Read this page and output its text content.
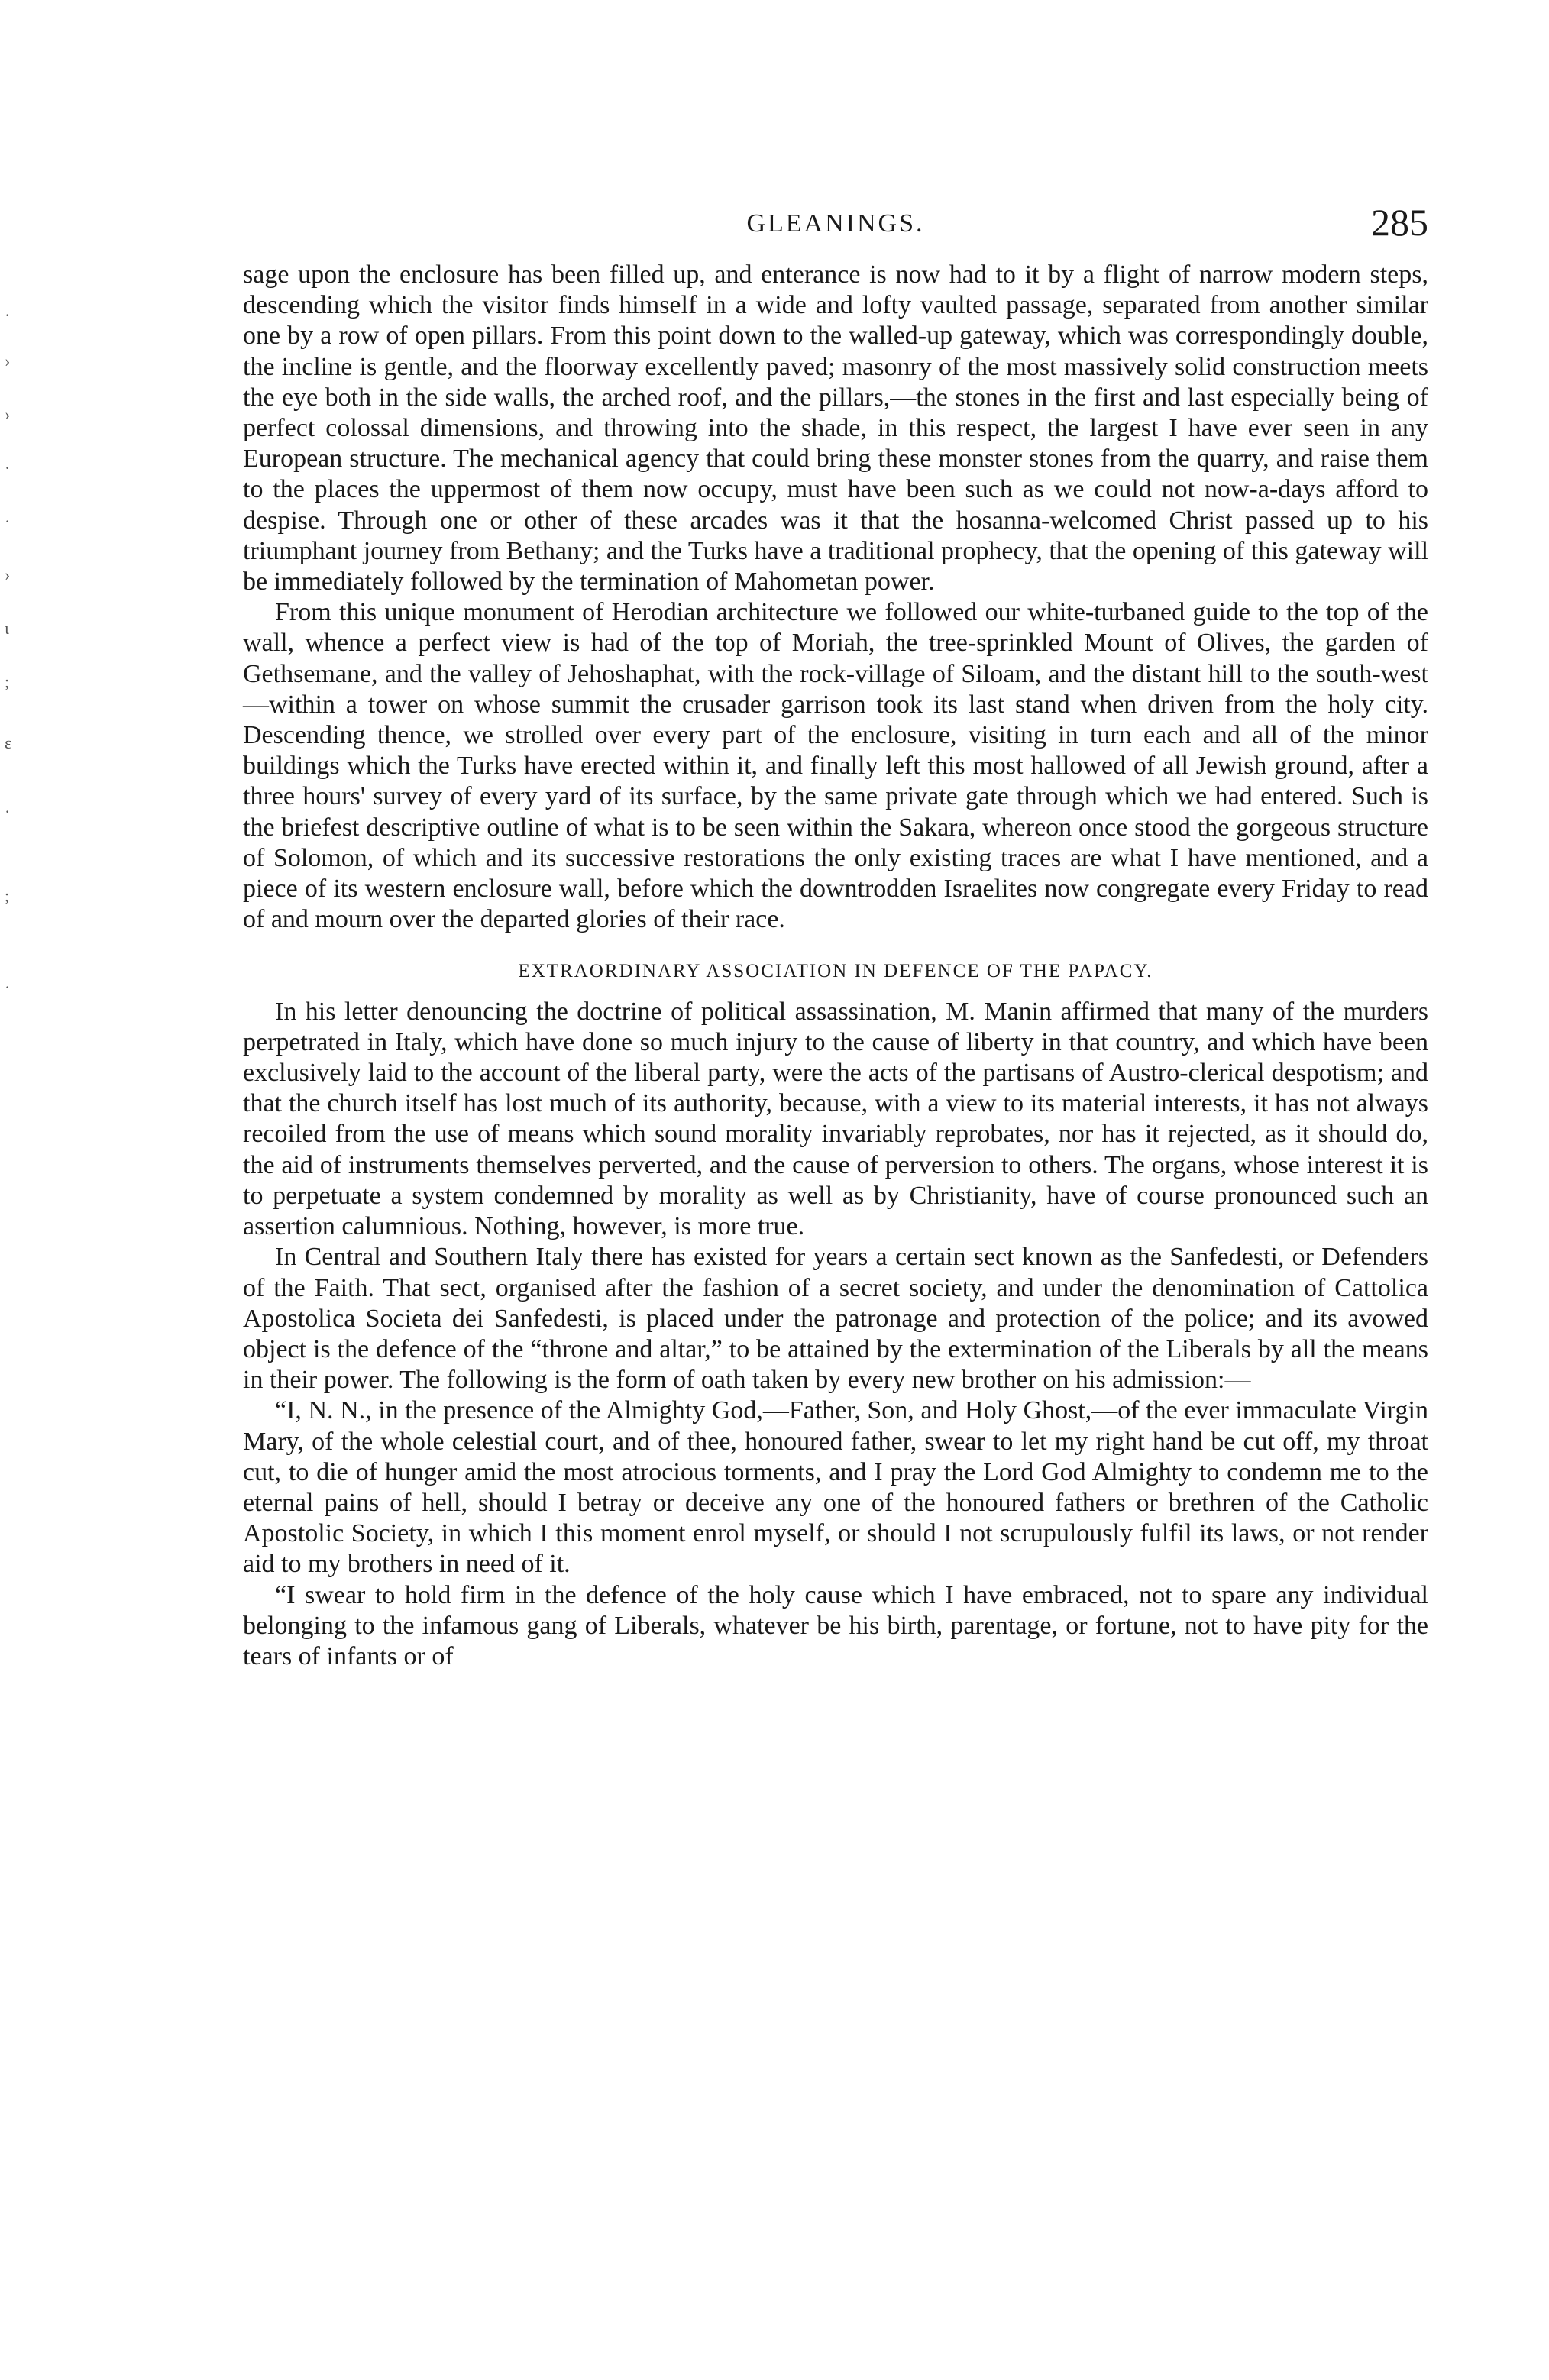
·
›
›
·
·
›
ι
;
ɛ
·
;
·
GLEANINGS.	285

sage upon the enclosure has been filled up, and enterance is now had to it by a flight of narrow modern steps, descending which the visitor finds himself in a wide and lofty vaulted passage, separated from another similar one by a row of open pillars. From this point down to the walled-up gateway, which was correspondingly double, the incline is gentle, and the floorway excellently paved; masonry of the most massively solid construction meets the eye both in the side walls, the arched roof, and the pillars,—the stones in the first and last especially being of perfect colossal dimensions, and throwing into the shade, in this respect, the largest I have ever seen in any European structure. The mechanical agency that could bring these monster stones from the quarry, and raise them to the places the uppermost of them now occupy, must have been such as we could not now-a-days afford to despise. Through one or other of these arcades was it that the hosanna-welcomed Christ passed up to his triumphant journey from Bethany; and the Turks have a traditional prophecy, that the opening of this gateway will be immediately followed by the termination of Mahometan power.

From this unique monument of Herodian architecture we followed our white-turbaned guide to the top of the wall, whence a perfect view is had of the top of Moriah, the tree-sprinkled Mount of Olives, the garden of Gethsemane, and the valley of Jehoshaphat, with the rock-village of Siloam, and the distant hill to the south-west—within a tower on whose summit the crusader garrison took its last stand when driven from the holy city. Descending thence, we strolled over every part of the enclosure, visiting in turn each and all of the minor buildings which the Turks have erected within it, and finally left this most hallowed of all Jewish ground, after a three hours' survey of every yard of its surface, by the same private gate through which we had entered. Such is the briefest descriptive outline of what is to be seen within the Sakara, whereon once stood the gorgeous structure of Solomon, of which and its successive restorations the only existing traces are what I have mentioned, and a piece of its western enclosure wall, before which the downtrodden Israelites now congregate every Friday to read of and mourn over the departed glories of their race.

EXTRAORDINARY ASSOCIATION IN DEFENCE OF THE PAPACY.

In his letter denouncing the doctrine of political assassination, M. Manin affirmed that many of the murders perpetrated in Italy, which have done so much injury to the cause of liberty in that country, and which have been exclusively laid to the account of the liberal party, were the acts of the partisans of Austro-clerical despotism; and that the church itself has lost much of its authority, because, with a view to its material interests, it has not always recoiled from the use of means which sound morality invariably reprobates, nor has it rejected, as it should do, the aid of instruments themselves perverted, and the cause of perversion to others. The organs, whose interest it is to perpetuate a system condemned by morality as well as by Christianity, have of course pronounced such an assertion calumnious. Nothing, however, is more true.

In Central and Southern Italy there has existed for years a certain sect known as the Sanfedesti, or Defenders of the Faith. That sect, organised after the fashion of a secret society, and under the denomination of Cattolica Apostolica Societa dei Sanfedesti, is placed under the patronage and protection of the police; and its avowed object is the defence of the “throne and altar,” to be attained by the extermination of the Liberals by all the means in their power. The following is the form of oath taken by every new brother on his admission:—

“I, N. N., in the presence of the Almighty God,—Father, Son, and Holy Ghost,—of the ever immaculate Virgin Mary, of the whole celestial court, and of thee, honoured father, swear to let my right hand be cut off, my throat cut, to die of hunger amid the most atrocious torments, and I pray the Lord God Almighty to condemn me to the eternal pains of hell, should I betray or deceive any one of the honoured fathers or brethren of the Catholic Apostolic Society, in which I this moment enrol myself, or should I not scrupulously fulfil its laws, or not render aid to my brothers in need of it.

“I swear to hold firm in the defence of the holy cause which I have embraced, not to spare any individual belonging to the infamous gang of Liberals, whatever be his birth, parentage, or fortune, not to have pity for the tears of infants or of
